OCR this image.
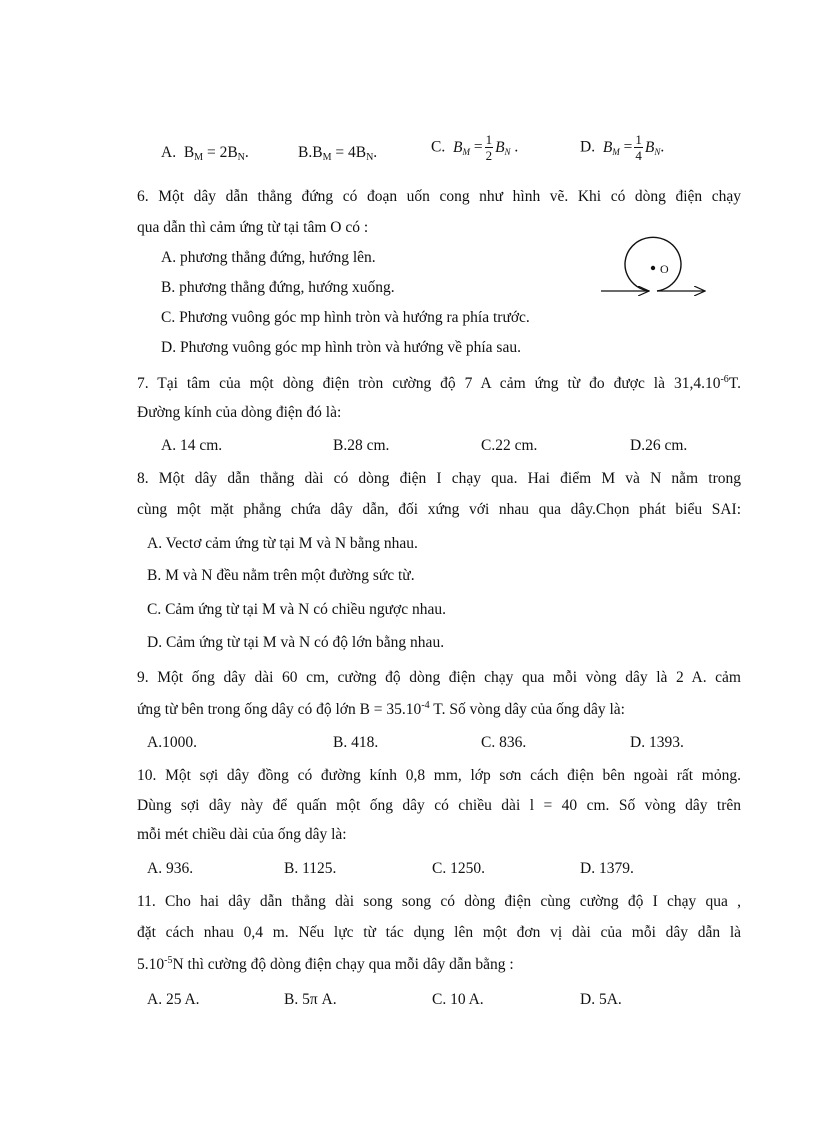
A. $B_M = 2B_N$.	$B.B_M = 4B_N$.	C. $B_M = \frac{1}{2} B_N$ .	D. $B_M = \frac{1}{4} B_N$.
6. Một dây dẫn thẳng đứng có đoạn uốn cong như hình vẽ. Khi có dòng điện chạy
qua dẫn thì cảm ứng từ tại tâm O có :
A. phương thẳng đứng, hướng lên.
B. phương thẳng đứng, hướng xuống.
C. Phương vuông góc mp hình tròn và hướng ra phía trước.
D. Phương vuông góc mp hình tròn và hướng về phía sau.
O
7. Tại tâm của một dòng điện tròn cường độ 7 A cảm ứng từ đo được là $31,4.10^{-6}T$.
Đường kính của dòng điện đó là:
A. 14 cm.	B.28 cm.	C.22 cm.	D.26 cm.
8. Một dây dẫn thẳng dài có dòng điện I chạy qua. Hai điểm M và N nằm trong
cùng một mặt phẳng chứa dây dẫn, đối xứng với nhau qua dây.Chọn phát biểu SAI:
A. Vectơ cảm ứng từ tại M và N bằng nhau.
B. M và N đều nằm trên một đường sức từ.
C. Cảm ứng từ tại M và N có chiều ngược nhau.
D. Cảm ứng từ tại M và N có độ lớn bằng nhau.
9. Một ống dây dài 60 cm, cường độ dòng điện chạy qua mỗi vòng dây là 2 A. cảm
ứng từ bên trong ống dây có độ lớn $B = 35.10^{-4}$ T. Số vòng dây của ống dây là:
A.1000.	B. 418.	C. 836.	D. 1393.
10. Một sợi dây đồng có đường kính 0,8 mm, lớp sơn cách điện bên ngoài rất mỏng.
Dùng sợi dây này để quấn một ống dây có chiều dài l = 40 cm. Số vòng dây trên
mỗi mét chiều dài của ống dây là:
A. 936.	B. 1125.	C. 1250.	D. 1379.
11. Cho hai dây dẫn thẳng dài song song có dòng điện cùng cường độ I chạy qua ,
đặt cách nhau 0,4 m. Nếu lực từ tác dụng lên một đơn vị dài của mỗi dây dẫn là
$5.10^{-5}N$ thì cường độ dòng điện chạy qua mỗi dây dẫn bằng :
A. 25 A.	B. 5π A.	C. 10 A.	D. 5A.
